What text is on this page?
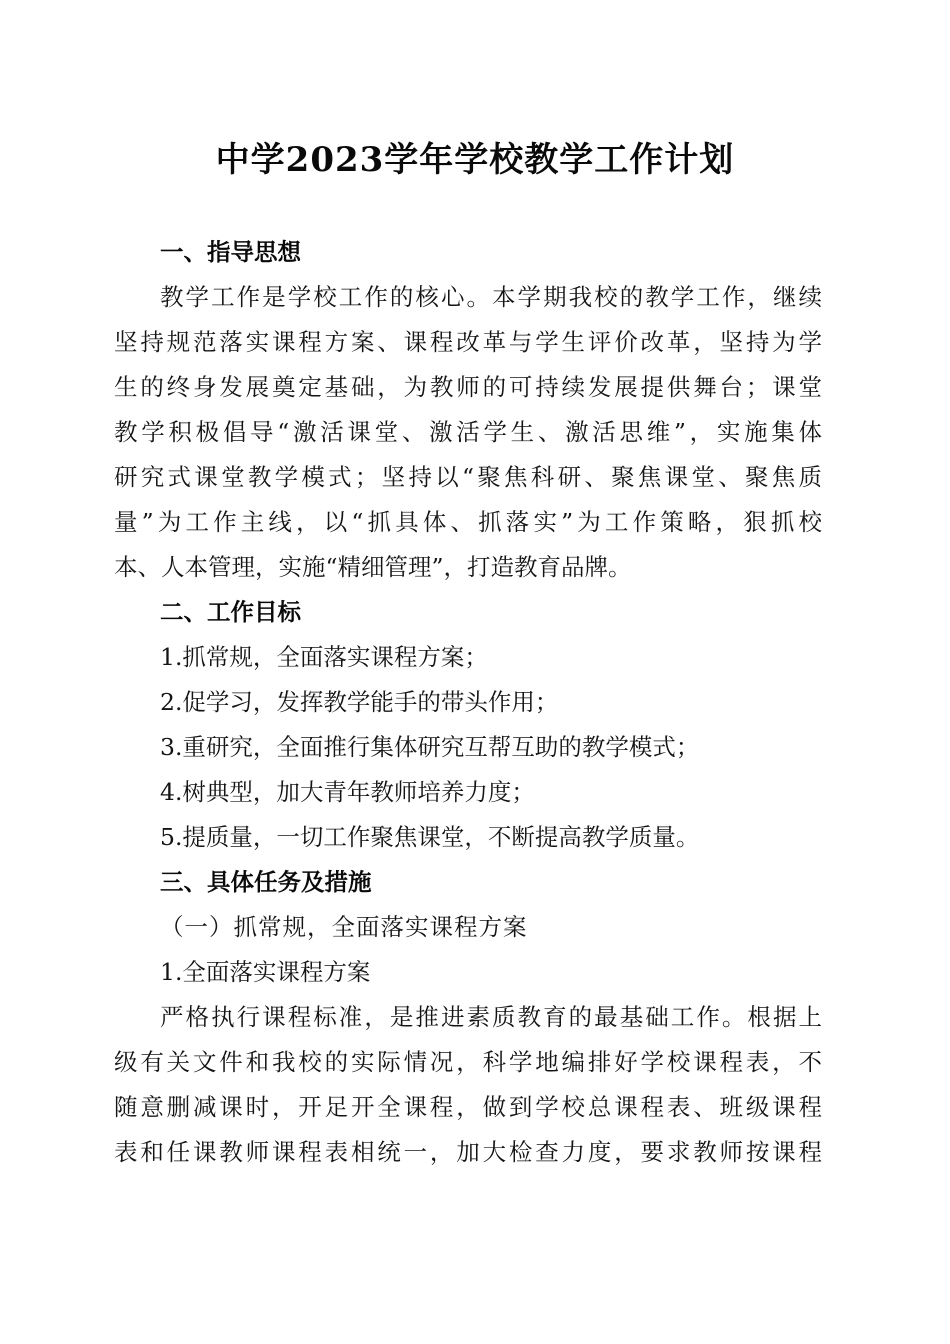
中学2023学年学校教学工作计划
一、指导思想
教学工作是学校工作的核心。本学期我校的教学工作，继续
坚持规范落实课程方案、课程改革与学生评价改革，坚持为学
生的终身发展奠定基础，为教师的可持续发展提供舞台；课堂
教学积极倡导“激活课堂、激活学生、激活思维”，实施集体
研究式课堂教学模式；坚持以“聚焦科研、聚焦课堂、聚焦质
量”为工作主线，以“抓具体、抓落实”为工作策略，狠抓校
本、人本管理，实施“精细管理”，打造教育品牌。
二、工作目标
1.抓常规，全面落实课程方案；
2.促学习，发挥教学能手的带头作用；
3.重研究，全面推行集体研究互帮互助的教学模式；
4.树典型，加大青年教师培养力度；
5.提质量，一切工作聚焦课堂，不断提高教学质量。
三、具体任务及措施
（一）抓常规，全面落实课程方案
1.全面落实课程方案
严格执行课程标准，是推进素质教育的最基础工作。根据上
级有关文件和我校的实际情况，科学地编排好学校课程表，不
随意删减课时，开足开全课程，做到学校总课程表、班级课程
表和任课教师课程表相统一，加大检查力度，要求教师按课程
